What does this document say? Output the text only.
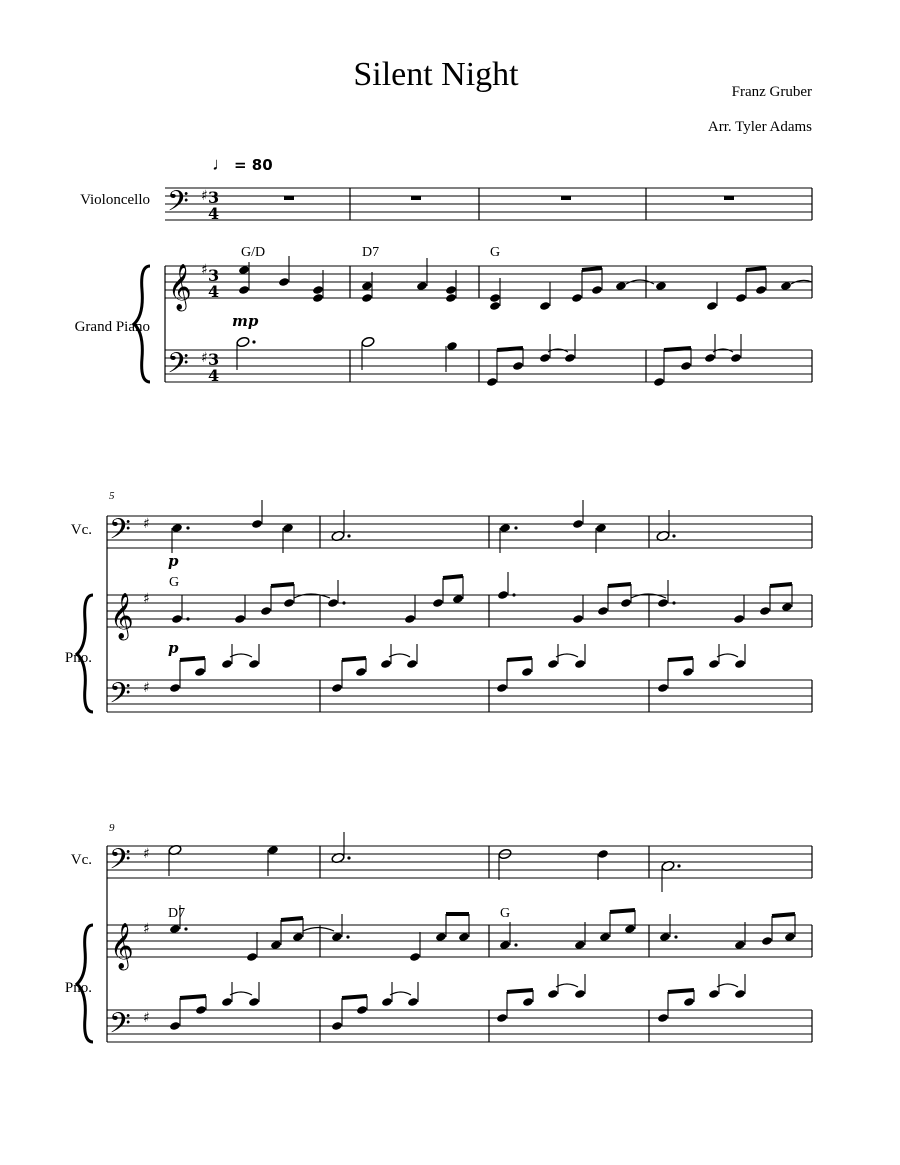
Silent Night	Franz Gruber
Arr. Tyler Adams
♩ = 80
Violoncello
Grand Piano
G/D	D7	G
mp
5
Vc.
Pno.
p
G
p
9
Vc.
Pno.
D7	G
𝄢 ♯ 3
4
𝄞 ♯ 3
4
𝄢 ♯ 3
4
𝄢 ♯
𝄞 ♯
𝄢 ♯
𝄢 ♯
𝄞 ♯
𝄢 ♯
